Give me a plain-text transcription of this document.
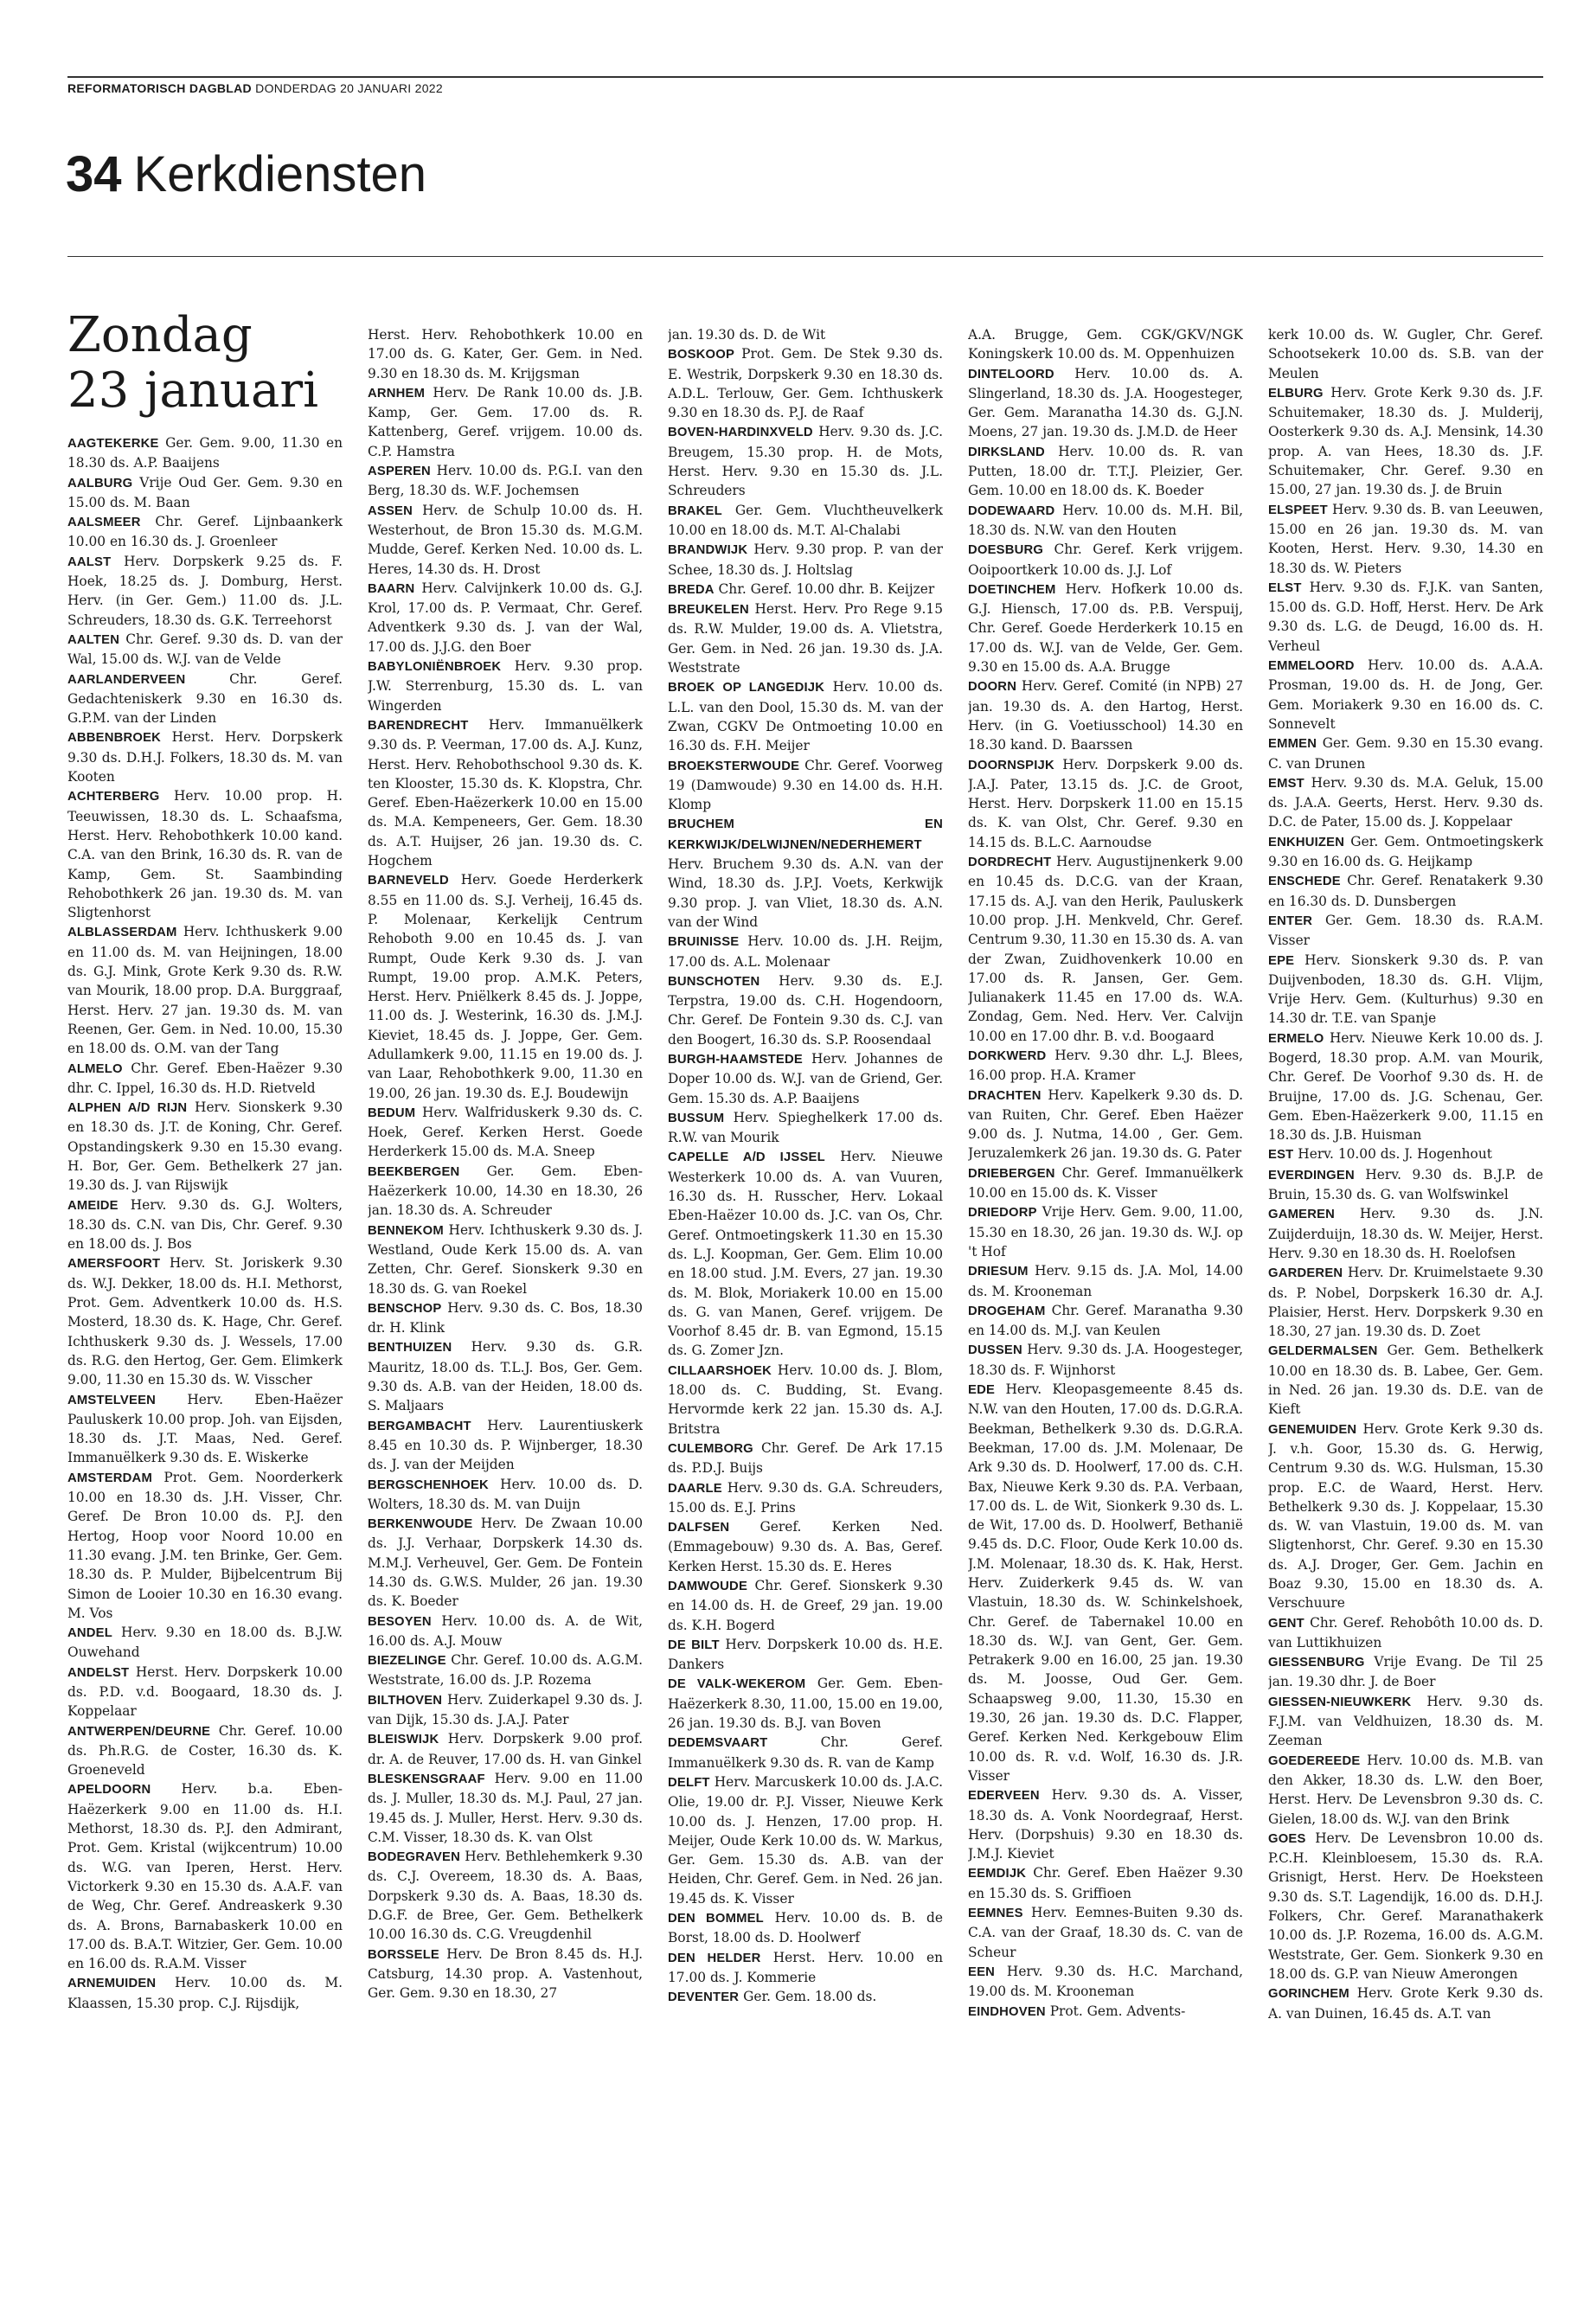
REFORMATORISCH DAGBLAD DONDERDAG 20 JANUARI 2022
34 Kerkdiensten
Zondag
23 januari

AAGTEKERKE Ger. Gem. 9.00, 11.30 en 18.30 ds. A.P. Baaijens

AALBURG Vrije Oud Ger. Gem. 9.30 en 15.00 ds. M. Baan

AALSMEER Chr. Geref. Lijnbaankerk 10.00 en 16.30 ds. J. Groenleer

AALST Herv. Dorpskerk 9.25 ds. F. Hoek, 18.25 ds. J. Domburg, Herst. Herv. (in Ger. Gem.) 11.00 ds. J.L. Schreuders, 18.30 ds. G.K. Terreehorst

AALTEN Chr. Geref. 9.30 ds. D. van der Wal, 15.00 ds. W.J. van de Velde

AARLANDERVEEN	Chr. Geref. Gedachteniskerk 9.30 en 16.30 ds. G.P.M. van der Linden

ABBENBROEK Herst. Herv. Dorpskerk 9.30 ds. D.H.J. Folkers, 18.30 ds. M. van Kooten

ACHTERBERG Herv. 10.00 prop. H. Teeuwissen, 18.30 ds. L. Schaafsma, Herst. Herv. Rehobothkerk 10.00 kand. C.A. van den Brink, 16.30 ds. R. van de Kamp, Gem. St. Saambinding Rehobothkerk 26 jan. 19.30 ds. M. van Sligtenhorst

ALBLASSERDAM Herv. Ichthuskerk 9.00 en 11.00 ds. M. van Heijningen, 18.00 ds. G.J. Mink, Grote Kerk 9.30 ds. R.W. van Mourik, 18.00 prop. D.A. Burggraaf, Herst. Herv. 27 jan. 19.30 ds. M. van Reenen, Ger. Gem. in Ned. 10.00, 15.30 en 18.00 ds. O.M. van der Tang

ALMELO Chr. Geref. Eben-Haëzer 9.30 dhr. C. Ippel, 16.30 ds. H.D. Rietveld

ALPHEN A/D RIJN Herv. Sionskerk 9.30 en 18.30 ds. J.T. de Koning, Chr. Geref. Opstandingskerk 9.30 en 15.30 evang. H. Bor, Ger. Gem. Bethelkerk 27 jan. 19.30 ds. J. van Rijswijk

AMEIDE Herv. 9.30 ds. G.J. Wolters, 18.30 ds. C.N. van Dis, Chr. Geref. 9.30 en 18.00 ds. J. Bos

AMERSFOORT Herv. St. Joriskerk 9.30 ds. W.J. Dekker, 18.00 ds. H.I. Methorst, Prot. Gem. Adventkerk 10.00 ds. H.S. Mosterd, 18.30 ds. K. Hage, Chr. Geref. Ichthuskerk 9.30 ds. J. Wessels, 17.00 ds. R.G. den Hertog, Ger. Gem. Elimkerk 9.00, 11.30 en 15.30 ds. W. Visscher

AMSTELVEEN Herv. Eben-Haëzer Pauluskerk 10.00 prop. Joh. van Eijsden, 18.30 ds. J.T. Maas, Ned. Geref. Immanuëlkerk 9.30 ds. E. Wiskerke

AMSTERDAM Prot. Gem. Noorderkerk 10.00 en 18.30 ds. J.H. Visser, Chr. Geref. De Bron 10.00 ds. P.J. den Hertog, Hoop voor Noord 10.00 en 11.30 evang. J.M. ten Brinke, Ger. Gem. 18.30 ds. P. Mulder, Bijbelcentrum Bij Simon de Looier 10.30 en 16.30 evang. M. Vos

ANDEL Herv. 9.30 en 18.00 ds. B.J.W. Ouwehand

ANDELST Herst. Herv. Dorpskerk 10.00 ds. P.D. v.d. Boogaard, 18.30 ds. J. Koppelaar

ANTWERPEN/DEURNE Chr. Geref. 10.00 ds. Ph.R.G. de Coster, 16.30 ds. K. Groeneveld

APELDOORN Herv. b.a. Eben-Haëzerkerk 9.00 en 11.00 ds. H.I. Methorst, 18.30 ds. P.J. den Admirant, Prot. Gem. Kristal (wijkcentrum) 10.00 ds. W.G. van Iperen, Herst. Herv. Victorkerk 9.30 en 15.30 ds. A.A.F. van de Weg, Chr. Geref. Andreaskerk 9.30 ds. A. Brons, Barnabaskerk 10.00 en 17.00 ds. B.A.T. Witzier, Ger. Gem. 10.00 en 16.00 ds. R.A.M. Visser

ARNEMUIDEN Herv. 10.00 ds. M. Klaassen, 15.30 prop. C.J. Rijsdijk,

Herst. Herv. Rehobothkerk 10.00 en 17.00 ds. G. Kater, Ger. Gem. in Ned. 9.30 en 18.30 ds. M. Krijgsman

ARNHEM Herv. De Rank 10.00 ds. J.B. Kamp, Ger. Gem. 17.00 ds. R. Kattenberg, Geref. vrijgem. 10.00 ds. C.P. Hamstra

ASPEREN Herv. 10.00 ds. P.G.I. van den Berg, 18.30 ds. W.F. Jochemsen

ASSEN Herv. de Schulp 10.00 ds. H. Westerhout, de Bron 15.30 ds. M.G.M. Mudde, Geref. Kerken Ned. 10.00 ds. L. Heres, 14.30 ds. H. Drost

BAARN Herv. Calvijnkerk 10.00 ds. G.J. Krol, 17.00 ds. P. Vermaat, Chr. Geref. Adventkerk 9.30 ds. J. van der Wal, 17.00 ds. J.J.G. den Boer

BABYLONIËNBROEK Herv. 9.30 prop. J.W. Sterrenburg, 15.30 ds. L. van Wingerden

BARENDRECHT Herv. Immanuëlkerk 9.30 ds. P. Veerman, 17.00 ds. A.J. Kunz, Herst. Herv. Rehobothschool 9.30 ds. K. ten Klooster, 15.30 ds. K. Klopstra, Chr. Geref. Eben-Haëzerkerk 10.00 en 15.00 ds. M.A. Kempeneers, Ger. Gem. 18.30 ds. A.T. Huijser, 26 jan. 19.30 ds. C. Hogchem

BARNEVELD Herv. Goede Herderkerk 8.55 en 11.00 ds. S.J. Verheij, 16.45 ds. P. Molenaar, Kerkelijk Centrum Rehoboth 9.00 en 10.45 ds. J. van Rumpt, Oude Kerk 9.30 ds. J. van Rumpt, 19.00 prop. A.M.K. Peters, Herst. Herv. Pniëlkerk 8.45 ds. J. Joppe, 11.00 ds. J. Westerink, 16.30 ds. J.M.J. Kieviet, 18.45 ds. J. Joppe, Ger. Gem. Adullamkerk 9.00, 11.15 en 19.00 ds. J. van Laar, Rehobothkerk 9.00, 11.30 en 19.00, 26 jan. 19.30 ds. E.J. Boudewijn

BEDUM Herv. Walfriduskerk 9.30 ds. C. Hoek, Geref. Kerken Herst. Goede Herderkerk 15.00 ds. M.A. Sneep

BEEKBERGEN Ger. Gem. Eben-Haëzerkerk 10.00, 14.30 en 18.30, 26 jan. 18.30 ds. A. Schreuder

BENNEKOM Herv. Ichthuskerk 9.30 ds. J. Westland, Oude Kerk 15.00 ds. A. van Zetten, Chr. Geref. Sionskerk 9.30 en 18.30 ds. G. van Roekel

BENSCHOP Herv. 9.30 ds. C. Bos, 18.30 dr. H. Klink

BENTHUIZEN Herv. 9.30 ds. G.R. Mauritz, 18.00 ds. T.L.J. Bos, Ger. Gem. 9.30 ds. A.B. van der Heiden, 18.00 ds. S. Maljaars

BERGAMBACHT Herv. Laurentiuskerk 8.45 en 10.30 ds. P. Wijnberger, 18.30 ds. J. van der Meijden

BERGSCHENHOEK Herv. 10.00 ds. D. Wolters, 18.30 ds. M. van Duijn

BERKENWOUDE Herv. De Zwaan 10.00 ds. J.J. Verhaar, Dorpskerk 14.30 ds. M.M.J. Verheuvel, Ger. Gem. De Fontein 14.30 ds. G.W.S. Mulder, 26 jan. 19.30 ds. K. Boeder

BESOYEN Herv. 10.00 ds. A. de Wit, 16.00 ds. A.J. Mouw

BIEZELINGE Chr. Geref. 10.00 ds. A.G.M. Weststrate, 16.00 ds. J.P. Rozema

BILTHOVEN Herv. Zuiderkapel 9.30 ds. J. van Dijk, 15.30 ds. J.A.J. Pater

BLEISWIJK Herv. Dorpskerk 9.00 prof. dr. A. de Reuver, 17.00 ds. H. van Ginkel

BLESKENSGRAAF Herv. 9.00 en 11.00 ds. J. Muller, 18.30 ds. M.J. Paul, 27 jan. 19.45 ds. J. Muller, Herst. Herv. 9.30 ds. C.M. Visser, 18.30 ds. K. van Olst

BODEGRAVEN Herv. Bethlehemkerk 9.30 ds. C.J. Overeem, 18.30 ds. A. Baas, Dorpskerk 9.30 ds. A. Baas, 18.30 ds. D.G.F. de Bree, Ger. Gem. Bethelkerk 10.00 16.30 ds. C.G. Vreugdenhil

BORSSELE Herv. De Bron 8.45 ds. H.J. Catsburg, 14.30 prop. A. Vastenhout, Ger. Gem. 9.30 en 18.30, 27

jan. 19.30 ds. D. de Wit

BOSKOOP Prot. Gem. De Stek 9.30 ds. E. Westrik, Dorpskerk 9.30 en 18.30 ds. A.D.L. Terlouw, Ger. Gem. Ichthuskerk 9.30 en 18.30 ds. P.J. de Raaf

BOVEN-HARDINXVELD Herv. 9.30 ds. J.C. Breugem, 15.30 prop. H. de Mots, Herst. Herv. 9.30 en 15.30 ds. J.L. Schreuders

BRAKEL Ger. Gem. Vluchtheuvelkerk 10.00 en 18.00 ds. M.T. Al-Chalabi

BRANDWIJK Herv. 9.30 prop. P. van der Schee, 18.30 ds. J. Holtslag

BREDA Chr. Geref. 10.00 dhr. B. Keijzer

BREUKELEN Herst. Herv. Pro Rege 9.15 ds. R.W. Mulder, 19.00 ds. A. Vlietstra, Ger. Gem. in Ned. 26 jan. 19.30 ds. J.A. Weststrate

BROEK OP LANGEDIJK Herv. 10.00 ds. L.L. van den Dool, 15.30 ds. M. van der Zwan, CGKV De Ontmoeting 10.00 en 16.30 ds. F.H. Meijer

BROEKSTERWOUDE Chr. Geref. Voorweg 19 (Damwoude) 9.30 en 14.00 ds. H.H. Klomp

BRUCHEM EN KERKWIJK/DELWIJNEN/NEDERHEMERT Herv. Bruchem 9.30 ds. A.N. van der Wind, 18.30 ds. J.P.J. Voets, Kerkwijk 9.30 prop. J. van Vliet, 18.30 ds. A.N. van der Wind

BRUINISSE Herv. 10.00 ds. J.H. Reijm, 17.00 ds. A.L. Molenaar

BUNSCHOTEN Herv. 9.30 ds. E.J. Terpstra, 19.00 ds. C.H. Hogendoorn, Chr. Geref. De Fontein 9.30 ds. C.J. van den Boogert, 16.30 ds. S.P. Roosendaal

BURGH-HAAMSTEDE Herv. Johannes de Doper 10.00 ds. W.J. van de Griend, Ger. Gem. 15.30 ds. A.P. Baaijens

BUSSUM Herv. Spieghelkerk 17.00 ds. R.W. van Mourik

CAPELLE A/D IJSSEL Herv. Nieuwe Westerkerk 10.00 ds. A. van Vuuren, 16.30 ds. H. Russcher, Herv. Lokaal Eben-Haëzer 10.00 ds. J.C. van Os, Chr. Geref. Ontmoetingskerk 11.30 en 15.30 ds. L.J. Koopman, Ger. Gem. Elim 10.00 en 18.00 stud. J.M. Evers, 27 jan. 19.30 ds. M. Blok, Moriakerk 10.00 en 15.00 ds. G. van Manen, Geref. vrijgem. De Voorhof 8.45 dr. B. van Egmond, 15.15 ds. G. Zomer Jzn.

CILLAARSHOEK Herv. 10.00 ds. J. Blom, 18.00 ds. C. Budding, St. Evang. Hervormde kerk 22 jan. 15.30 ds. A.J. Britstra

CULEMBORG Chr. Geref. De Ark 17.15 ds. P.D.J. Buijs

DAARLE Herv. 9.30 ds. G.A. Schreuders, 15.00 ds. E.J. Prins

DALFSEN Geref. Kerken Ned. (Emmagebouw) 9.30 ds. A. Bas, Geref. Kerken Herst. 15.30 ds. E. Heres

DAMWOUDE Chr. Geref. Sionskerk 9.30 en 14.00 ds. H. de Greef, 29 jan. 19.00 ds. K.H. Bogerd

DE BILT Herv. Dorpskerk 10.00 ds. H.E. Dankers

DE VALK-WEKEROM Ger. Gem. Eben-Haëzerkerk 8.30, 11.00, 15.00 en 19.00, 26 jan. 19.30 ds. B.J. van Boven

DEDEMSVAART	Chr. Geref. Immanuëlkerk 9.30 ds. R. van de Kamp

DELFT Herv. Marcuskerk 10.00 ds. J.A.C. Olie, 19.00 dr. P.J. Visser, Nieuwe Kerk 10.00 ds. J. Henzen, 17.00 prop. H. Meijer, Oude Kerk 10.00 ds. W. Markus, Ger. Gem. 15.30 ds. A.B. van der Heiden, Chr. Geref. Gem. in Ned. 26 jan. 19.45 ds. K. Visser

DEN BOMMEL Herv. 10.00 ds. B. de Borst, 18.00 ds. D. Hoolwerf

DEN HELDER Herst. Herv. 10.00 en 17.00 ds. J. Kommerie

DEVENTER Ger. Gem. 18.00 ds.

A.A. Brugge, Gem. CGK/GKV/NGK Koningskerk 10.00 ds. M. Oppenhuizen

DINTELOORD Herv. 10.00 ds. A. Slingerland, 18.30 ds. J.A. Hoogesteger, Ger. Gem. Maranatha 14.30 ds. G.J.N. Moens, 27 jan. 19.30 ds. J.M.D. de Heer

DIRKSLAND Herv. 10.00 ds. R. van Putten, 18.00 dr. T.T.J. Pleizier, Ger. Gem. 10.00 en 18.00 ds. K. Boeder

DODEWAARD Herv. 10.00 ds. M.H. Bil, 18.30 ds. N.W. van den Houten

DOESBURG Chr. Geref. Kerk vrijgem. Ooipoortkerk 10.00 ds. J.J. Lof

DOETINCHEM Herv. Hofkerk 10.00 ds. G.J. Hiensch, 17.00 ds. P.B. Verspuij, Chr. Geref. Goede Herderkerk 10.15 en 17.00 ds. W.J. van de Velde, Ger. Gem. 9.30 en 15.00 ds. A.A. Brugge

DOORN Herv. Geref. Comité (in NPB) 27 jan. 19.30 ds. A. den Hartog, Herst. Herv. (in G. Voetiusschool) 14.30 en 18.30 kand. D. Baarssen

DOORNSPIJK Herv. Dorpskerk 9.00 ds. J.A.J. Pater, 13.15 ds. J.C. de Groot, Herst. Herv. Dorpskerk 11.00 en 15.15 ds. K. van Olst, Chr. Geref. 9.30 en 14.15 ds. B.L.C. Aarnoudse

DORDRECHT Herv. Augustijnenkerk 9.00 en 10.45 ds. D.C.G. van der Kraan, 17.15 ds. A.J. van den Herik, Pauluskerk 10.00 prop. J.H. Menkveld, Chr. Geref. Centrum 9.30, 11.30 en 15.30 ds. A. van der Zwan, Zuidhovenkerk 10.00 en 17.00 ds. R. Jansen, Ger. Gem. Julianakerk 11.45 en 17.00 ds. W.A. Zondag, Gem. Ned. Herv. Ver. Calvijn 10.00 en 17.00 dhr. B. v.d. Boogaard

DORKWERD Herv. 9.30 dhr. L.J. Blees, 16.00 prop. H.A. Kramer

DRACHTEN Herv. Kapelkerk 9.30 ds. D. van Ruiten, Chr. Geref. Eben Haëzer 9.00 ds. J. Nutma, 14.00 , Ger. Gem. Jeruzalemkerk 26 jan. 19.30 ds. G. Pater

DRIEBERGEN Chr. Geref. Immanuëlkerk 10.00 en 15.00 ds. K. Visser

DRIEDORP Vrije Herv. Gem. 9.00, 11.00, 15.30 en 18.30, 26 jan. 19.30 ds. W.J. op 't Hof

DRIESUM Herv. 9.15 ds. J.A. Mol, 14.00 ds. M. Krooneman

DROGEHAM Chr. Geref. Maranatha 9.30 en 14.00 ds. M.J. van Keulen

DUSSEN Herv. 9.30 ds. J.A. Hoogesteger, 18.30 ds. F. Wijnhorst

EDE Herv. Kleopasgemeente 8.45 ds. N.W. van den Houten, 17.00 ds. D.G.R.A. Beekman, Bethelkerk 9.30 ds. D.G.R.A. Beekman, 17.00 ds. J.M. Molenaar, De Ark 9.30 ds. D. Hoolwerf, 17.00 ds. C.H. Bax, Nieuwe Kerk 9.30 ds. P.A. Verbaan, 17.00 ds. L. de Wit, Sionkerk 9.30 ds. L. de Wit, 17.00 ds. D. Hoolwerf, Bethanië 9.45 ds. D.C. Floor, Oude Kerk 10.00 ds. J.M. Molenaar, 18.30 ds. K. Hak, Herst. Herv. Zuiderkerk 9.45 ds. W. van Vlastuin, 18.30 ds. W. Schinkelshoek, Chr. Geref. de Tabernakel 10.00 en 18.30 ds. W.J. van Gent, Ger. Gem. Petrakerk 9.00 en 16.00, 25 jan. 19.30 ds. M. Joosse, Oud Ger. Gem. Schaapsweg 9.00, 11.30, 15.30 en 19.30, 26 jan. 19.30 ds. D.C. Flapper, Geref. Kerken Ned. Kerkgebouw Elim 10.00 ds. R. v.d. Wolf, 16.30 ds. J.R. Visser

EDERVEEN Herv. 9.30 ds. A. Visser, 18.30 ds. A. Vonk Noordegraaf, Herst. Herv. (Dorpshuis) 9.30 en 18.30 ds. J.M.J. Kieviet

EEMDIJK Chr. Geref. Eben Haëzer 9.30 en 15.30 ds. S. Griffioen

EEMNES Herv. Eemnes-Buiten 9.30 ds. C.A. van der Graaf, 18.30 ds. C. van de Scheur

EEN Herv. 9.30 ds. H.C. Marchand, 19.00 ds. M. Krooneman

EINDHOVEN Prot. Gem. Advents-

kerk 10.00 ds. W. Gugler, Chr. Geref. Schootsekerk 10.00 ds. S.B. van der Meulen

ELBURG Herv. Grote Kerk 9.30 ds. J.F. Schuitemaker, 18.30 ds. J. Mulderij, Oosterkerk 9.30 ds. A.J. Mensink, 14.30 prop. A. van Hees, 18.30 ds. J.F. Schuitemaker, Chr. Geref. 9.30 en 15.00, 27 jan. 19.30 ds. J. de Bruin

ELSPEET Herv. 9.30 ds. B. van Leeuwen, 15.00 en 26 jan. 19.30 ds. M. van Kooten, Herst. Herv. 9.30, 14.30 en 18.30 ds. W. Pieters

ELST Herv. 9.30 ds. F.J.K. van Santen, 15.00 ds. G.D. Hoff, Herst. Herv. De Ark 9.30 ds. L.G. de Deugd, 16.00 ds. H. Verheul

EMMELOORD Herv. 10.00 ds. A.A.A. Prosman, 19.00 ds. H. de Jong, Ger. Gem. Moriakerk 9.30 en 16.00 ds. C. Sonnevelt

EMMEN Ger. Gem. 9.30 en 15.30 evang. C. van Drunen

EMST Herv. 9.30 ds. M.A. Geluk, 15.00 ds. J.A.A. Geerts, Herst. Herv. 9.30 ds. D.C. de Pater, 15.00 ds. J. Koppelaar

ENKHUIZEN Ger. Gem. Ontmoetingskerk 9.30 en 16.00 ds. G. Heijkamp

ENSCHEDE Chr. Geref. Renatakerk 9.30 en 16.30 ds. D. Dunsbergen

ENTER Ger. Gem. 18.30 ds. R.A.M. Visser

EPE Herv. Sionskerk 9.30 ds. P. van Duijvenboden, 18.30 ds. G.H. Vlijm, Vrije Herv. Gem. (Kulturhus) 9.30 en 14.30 dr. T.E. van Spanje

ERMELO Herv. Nieuwe Kerk 10.00 ds. J. Bogerd, 18.30 prop. A.M. van Mourik, Chr. Geref. De Voorhof 9.30 ds. H. de Bruijne, 17.00 ds. J.G. Schenau, Ger. Gem. Eben-Haëzerkerk 9.00, 11.15 en 18.30 ds. J.B. Huisman

EST Herv. 10.00 ds. J. Hogenhout

EVERDINGEN Herv. 9.30 ds. B.J.P. de Bruin, 15.30 ds. G. van Wolfswinkel

GAMEREN Herv. 9.30 ds. J.N. Zuijderduijn, 18.30 ds. W. Meijer, Herst. Herv. 9.30 en 18.30 ds. H. Roelofsen

GARDEREN Herv. Dr. Kruimelstaete 9.30 ds. P. Nobel, Dorpskerk 16.30 dr. A.J. Plaisier, Herst. Herv. Dorpskerk 9.30 en 18.30, 27 jan. 19.30 ds. D. Zoet

GELDERMALSEN Ger. Gem. Bethelkerk 10.00 en 18.30 ds. B. Labee, Ger. Gem. in Ned. 26 jan. 19.30 ds. D.E. van de Kieft

GENEMUIDEN Herv. Grote Kerk 9.30 ds. J. v.h. Goor, 15.30 ds. G. Herwig, Centrum 9.30 ds. W.G. Hulsman, 15.30 prop. E.C. de Waard, Herst. Herv. Bethelkerk 9.30 ds. J. Koppelaar, 15.30 ds. W. van Vlastuin, 19.00 ds. M. van Sligtenhorst, Chr. Geref. 9.30 en 15.30 ds. A.J. Droger, Ger. Gem. Jachin en Boaz 9.30, 15.00 en 18.30 ds. A. Verschuure

GENT Chr. Geref. Rehobôth 10.00 ds. D. van Luttikhuizen

GIESSENBURG Vrije Evang. De Til 25 jan. 19.30 dhr. J. de Boer

GIESSEN-NIEUWKERK Herv. 9.30 ds. F.J.M. van Veldhuizen, 18.30 ds. M. Zeeman

GOEDEREEDE Herv. 10.00 ds. M.B. van den Akker, 18.30 ds. L.W. den Boer, Herst. Herv. De Levensbron 9.30 ds. C. Gielen, 18.00 ds. W.J. van den Brink

GOES Herv. De Levensbron 10.00 ds. P.C.H. Kleinbloesem, 15.30 ds. R.A. Grisnigt, Herst. Herv. De Hoeksteen 9.30 ds. S.T. Lagendijk, 16.00 ds. D.H.J. Folkers, Chr. Geref. Maranathakerk 10.00 ds. J.P. Rozema, 16.00 ds. A.G.M. Weststrate, Ger. Gem. Sionkerk 9.30 en 18.00 ds. G.P. van Nieuw Amerongen

GORINCHEM Herv. Grote Kerk 9.30 ds. A. van Duinen, 16.45 ds. A.T. van
